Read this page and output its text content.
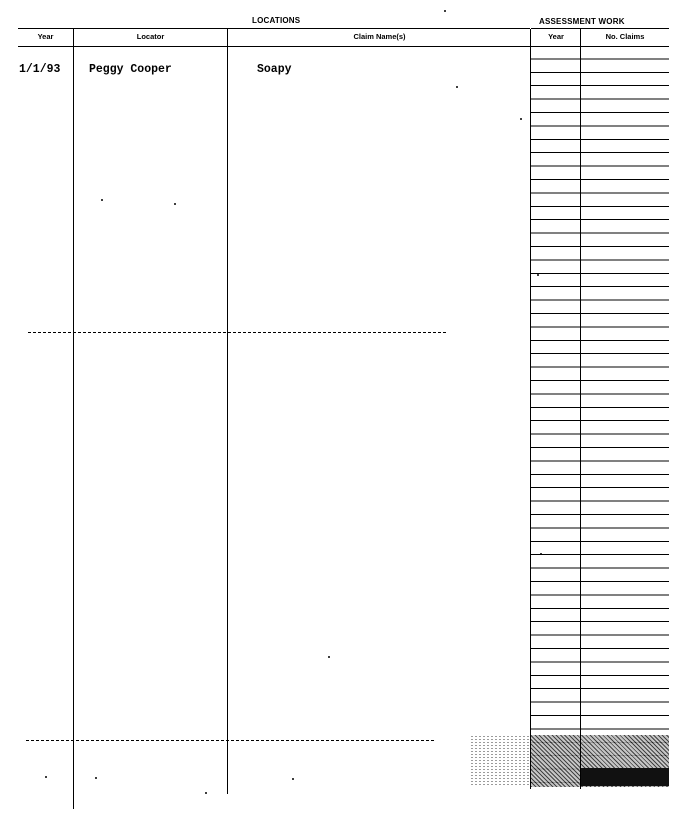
LOCATIONS	ASSESSMENT WORK
Year	Locator	Claim Name(s)	Year	No. Claims
1/1/93 Peggy Cooper	Soapy
